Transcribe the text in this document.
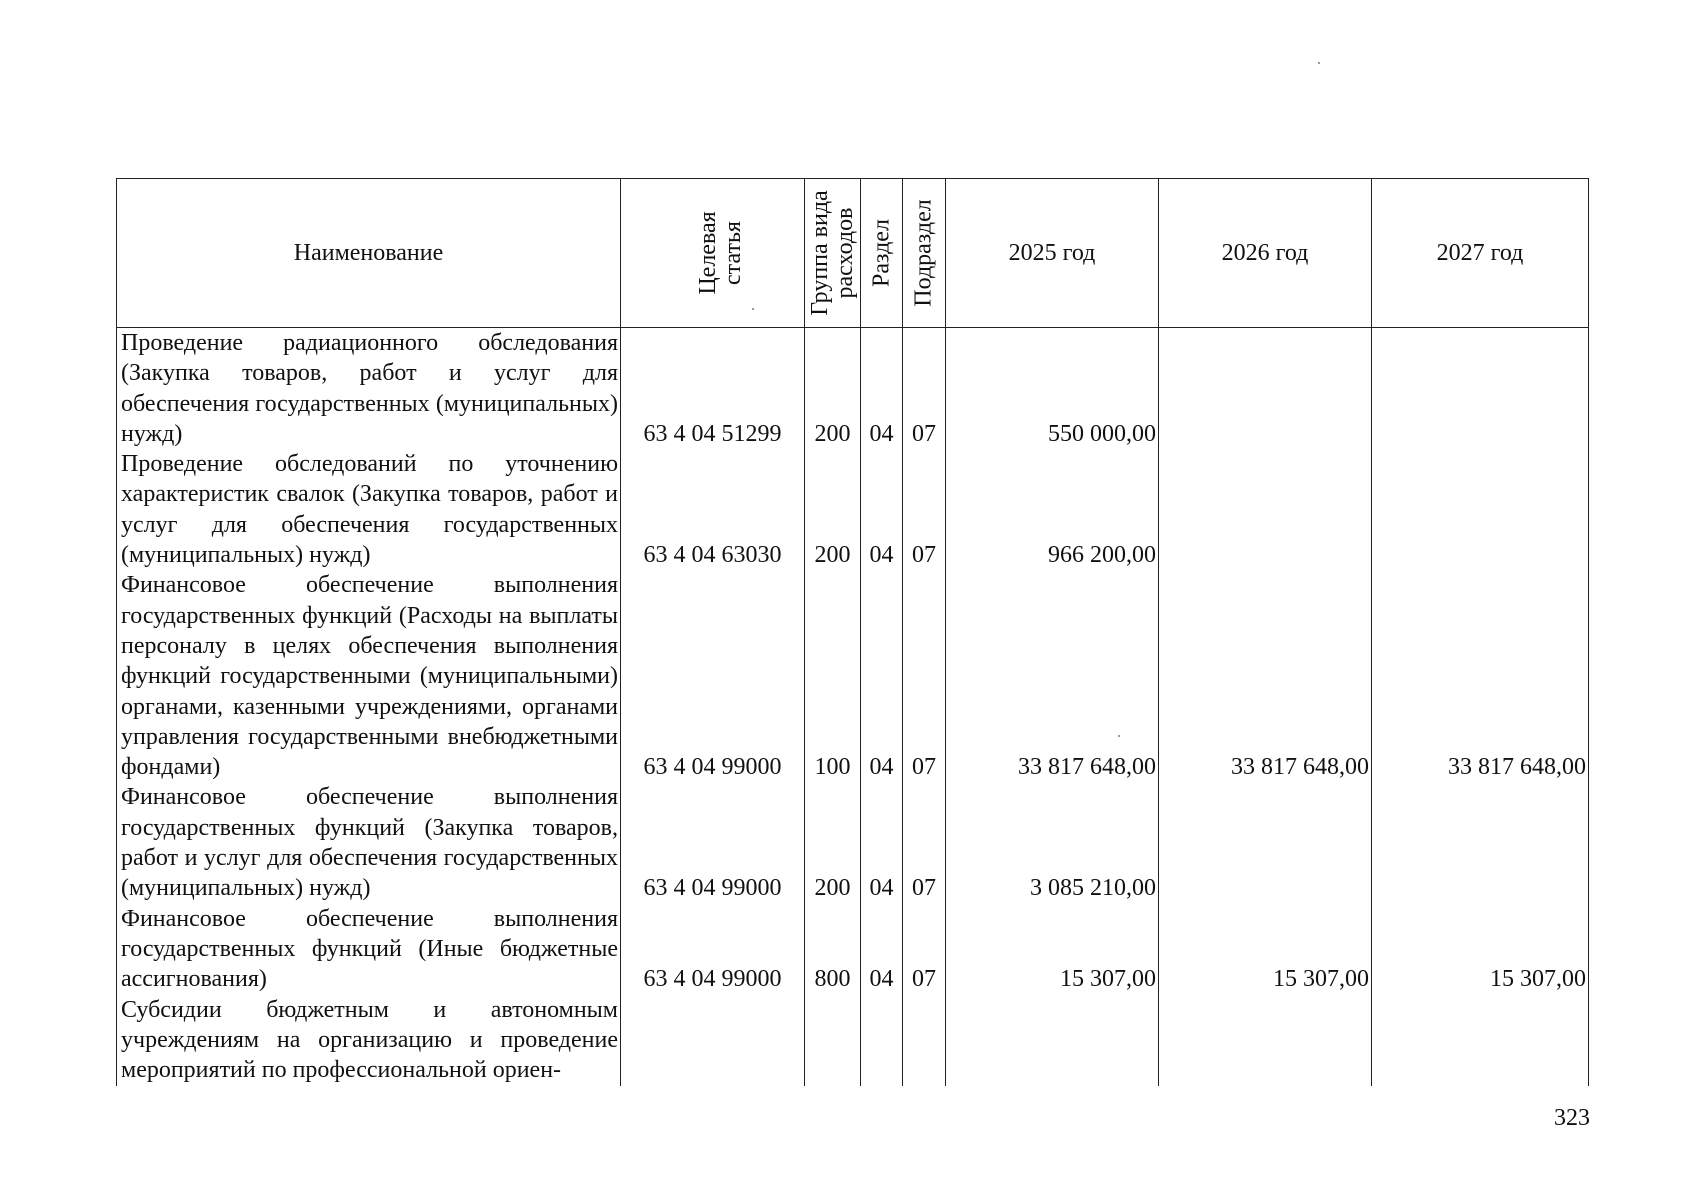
Наименование	Целевая статья	Группа вида расходов	Раздел	Подраздел	2025 год	2026 год	2027 год
Проведение радиационного обследования (Закупка товаров, работ и услуг для обеспечения государственных (муниципальных) нужд)	63 4 04 51299	200	04	07	550 000,00		
Проведение обследований по уточнению характеристик свалок (Закупка товаров, работ и услуг для обеспечения государственных (муниципальных) нужд)	63 4 04 63030	200	04	07	966 200,00		
Финансовое обеспечение выполнения государственных функций (Расходы на выплаты персоналу в целях обеспечения выполнения функций государственными (муниципальными) органами, казенными учреждениями, органами управления государственными внебюджетными фондами)	63 4 04 99000	100	04	07	33 817 648,00	33 817 648,00	33 817 648,00
Финансовое обеспечение выполнения государственных функций (Закупка товаров, работ и услуг для обеспечения государственных (муниципальных) нужд)	63 4 04 99000	200	04	07	3 085 210,00		
Финансовое обеспечение выполнения государственных функций (Иные бюджетные ассигнования)	63 4 04 99000	800	04	07	15 307,00	15 307,00	15 307,00
Субсидии бюджетным и автономным учреждениям на организацию и проведение мероприятий по профессиональной ориен-							
323
